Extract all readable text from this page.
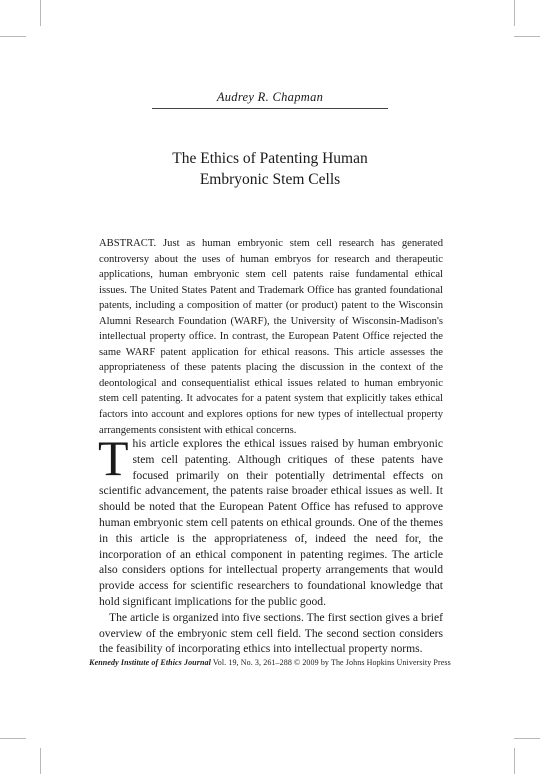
Audrey R. Chapman
The Ethics of Patenting Human
Embryonic Stem Cells
ABSTRACT. Just as human embryonic stem cell research has generated controversy about the uses of human embryos for research and therapeutic applications, human embryonic stem cell patents raise fundamental ethical issues. The United States Patent and Trademark Office has granted foundational patents, including a composition of matter (or product) patent to the Wisconsin Alumni Research Foundation (WARF), the University of Wisconsin-Madison's intellectual property office. In contrast, the European Patent Office rejected the same WARF patent application for ethical reasons. This article assesses the appropriateness of these patents placing the discussion in the context of the deontological and consequentialist ethical issues related to human embryonic stem cell patenting. It advocates for a patent system that explicitly takes ethical factors into account and explores options for new types of intellectual property arrangements consistent with ethical concerns.

This article explores the ethical issues raised by human embryonic stem cell patenting. Although critiques of these patents have focused primarily on their potentially detrimental effects on scientific advancement, the patents raise broader ethical issues as well. It should be noted that the European Patent Office has refused to approve human embryonic stem cell patents on ethical grounds. One of the themes in this article is the appropriateness of, indeed the need for, the incorporation of an ethical component in patenting regimes. The article also considers options for intellectual property arrangements that would provide access for scientific researchers to foundational knowledge that hold significant implications for the public good.

The article is organized into five sections. The first section gives a brief overview of the embryonic stem cell field. The second section considers the feasibility of incorporating ethics into intellectual property norms.

Kennedy Institute of Ethics Journal Vol. 19, No. 3, 261–288 © 2009 by The Johns Hopkins University Press
